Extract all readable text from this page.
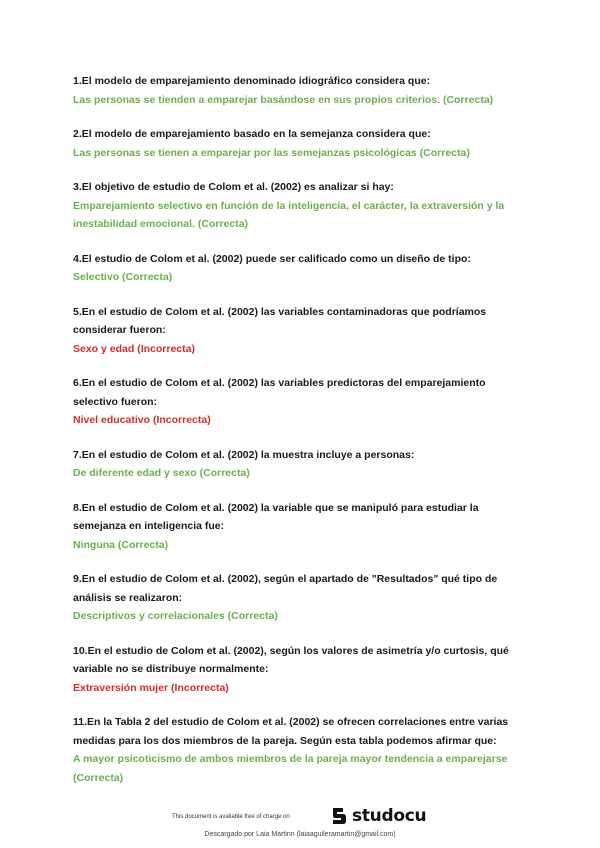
1.El modelo de emparejamiento denominado idiográfico considera que:
Las personas se tienden a emparejar basándose en sus propios criterios. (Correcta)
2.El modelo de emparejamiento basado en la semejanza considera que:
Las personas se tienen a emparejar por las semejanzas psicológicas (Correcta)
3.El objetivo de estudio de Colom et al. (2002) es analizar si hay:
Emparejamiento selectivo en función de la inteligencia, el carácter, la extraversión y la inestabilidad emocional. (Correcta)
4.El estudio de Colom et al. (2002) puede ser calificado como un diseño de tipo:
Selectivo (Correcta)
5.En el estudio de Colom et al. (2002) las variables contaminadoras que podríamos considerar fueron:
Sexo y edad (Incorrecta)
6.En el estudio de Colom et al. (2002) las variables predictoras del emparejamiento selectivo fueron:
Nivel educativo (Incorrecta)
7.En el estudio de Colom et al. (2002) la muestra incluye a personas:
De diferente edad y sexo (Correcta)
8.En el estudio de Colom et al. (2002) la variable que se manipuló para estudiar la semejanza en inteligencia fue:
Ninguna (Correcta)
9.En el estudio de Colom et al. (2002), según el apartado de "Resultados" qué tipo de análisis se realizaron:
Descriptivos y correlacionales (Correcta)
10.En el estudio de Colom et al. (2002), según los valores de asimetría y/o curtosis, qué variable no se distribuye normalmente:
Extraversión mujer (Incorrecta)
11.En la Tabla 2 del estudio de Colom et al. (2002) se ofrecen correlaciones entre varias medidas para los dos miembros de la pareja. Según esta tabla podemos afirmar que:
A mayor psicoticismo de ambos miembros de la pareja mayor tendencia a emparejarse (Correcta)
This document is available free of charge on	studocu
Descargado por Laia Martinn (laiaaguileramartin@gmail.com)
